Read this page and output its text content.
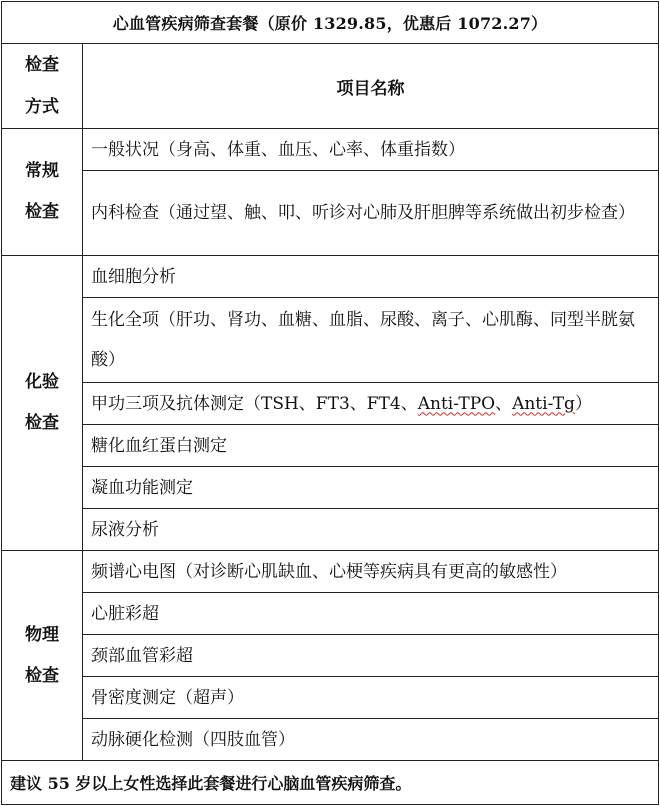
心血管疾病筛查套餐（原价 1329.85，优惠后 1072.27）	
检查
方式	项目名称
常规
检查	一般状况（身高、体重、血压、心率、体重指数）
	内科检查（通过望、触、叩、听诊对心肺及肝胆脾等系统做出初步检查）
化验
检查	血细胞分析
	生化全项（肝功、肾功、血糖、血脂、尿酸、离子、心肌酶、同型半胱氨酸）
	甲功三项及抗体测定（TSH、FT3、FT4、Anti-TPO、Anti-Tg）
	糖化血红蛋白测定
	凝血功能测定
	尿液分析
物理
检查	频谱心电图（对诊断心肌缺血、心梗等疾病具有更高的敏感性）
	心脏彩超
	颈部血管彩超
	骨密度测定（超声）
	动脉硬化检测（四肢血管）
建议 55 岁以上女性选择此套餐进行心脑血管疾病筛查。	
